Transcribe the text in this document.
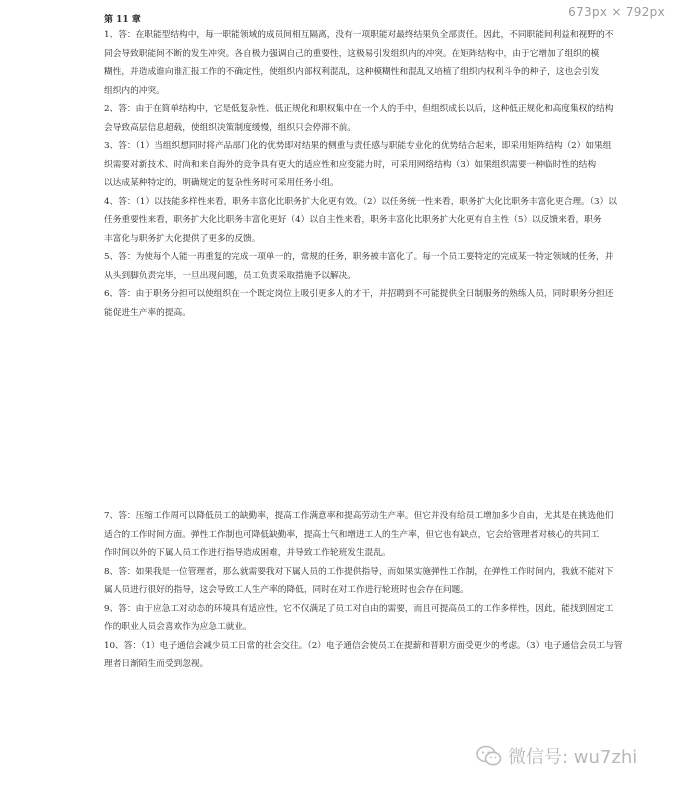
673px × 792px
第 11 章
1、答：在职能型结构中，每一职能领域的成员间相互隔离，没有一项职能对最终结果负全部责任。因此，不同职能间利益和视野的不
同会导致职能间不断的发生冲突。各自极力强调自己的重要性，这极易引发组织内的冲突。在矩阵结构中，由于它增加了组织的模
糊性，并造成谁向谁汇报工作的不确定性，使组织内部权利混乱，这种模糊性和混乱又培植了组织内权利斗争的种子，这也会引发
组织内的冲突。
2、答：由于在简单结构中，它是低复杂性、低正规化和职权集中在一个人的手中，但组织成长以后，这种低正规化和高度集权的结构
会导致高层信息超载，使组织决策制度缓慢，组织只会停滞不前。
3、答：（1）当组织想同时将产品部门化的优势即对结果的侧重与责任感与职能专业化的优势结合起来，即采用矩阵结构（2）如果组
织需要对新技术、时尚和来自海外的竞争具有更大的适应性和应变能力时，可采用网络结构（3）如果组织需要一种临时性的结构
以达成某种特定的，明确规定的复杂性务时可采用任务小组。
4、答：（1）以技能多样性来看，职务丰富化比职务扩大化更有效。（2）以任务统一性来看，职务扩大化比职务丰富化更合理。（3）以
任务重要性来看，职务扩大化比职务丰富化更好（4）以自主性来看，职务丰富化比职务扩大化更有自主性（5）以反馈来看，职务
丰富化与职务扩大化提供了更多的反馈。
5、答：为使每个人能一再重复的完成一项单一的，常规的任务，职务被丰富化了。每一个员工要特定的完成某一特定领域的任务，并
从头到脚负责完毕，一旦出现问题，员工负责采取措施予以解决。
6、答：由于职务分担可以使组织在一个既定岗位上吸引更多人的才干，并招聘到不可能提供全日制服务的熟练人员，同时职务分担还
能促进生产率的提高。
7、答：压缩工作周可以降低员工的缺勤率，提高工作满意率和提高劳动生产率。但它并没有给员工增加多少自由，尤其是在挑选他们
适合的工作时间方面。弹性工作制也可降低缺勤率，提高士气和增进工人的生产率，但它也有缺点，它会给管理者对核心的共同工
作时间以外的下属人员工作进行指导造成困难，并导致工作轮班发生混乱。
8、答：如果我是一位管理者，那么就需要我对下属人员的工作提供指导，而如果实施弹性工作制，在弹性工作时间内，我就不能对下
属人员进行很好的指导，这会导致工人生产率的降低，同时在对工作进行轮班时也会存在问题。
9、答：由于应急工对动态的环境具有适应性，它不仅满足了员工对自由的需要，而且可提高员工的工作多样性，因此，能找到固定工
作的职业人员会喜欢作为应急工就业。
10、答：（1）电子通信会减少员工日常的社会交往。（2）电子通信会使员工在提薪和晋职方面受更少的考虑。（3）电子通信会员工与管
理者日渐陌生而受到忽视。
微信号: wu7zhi
